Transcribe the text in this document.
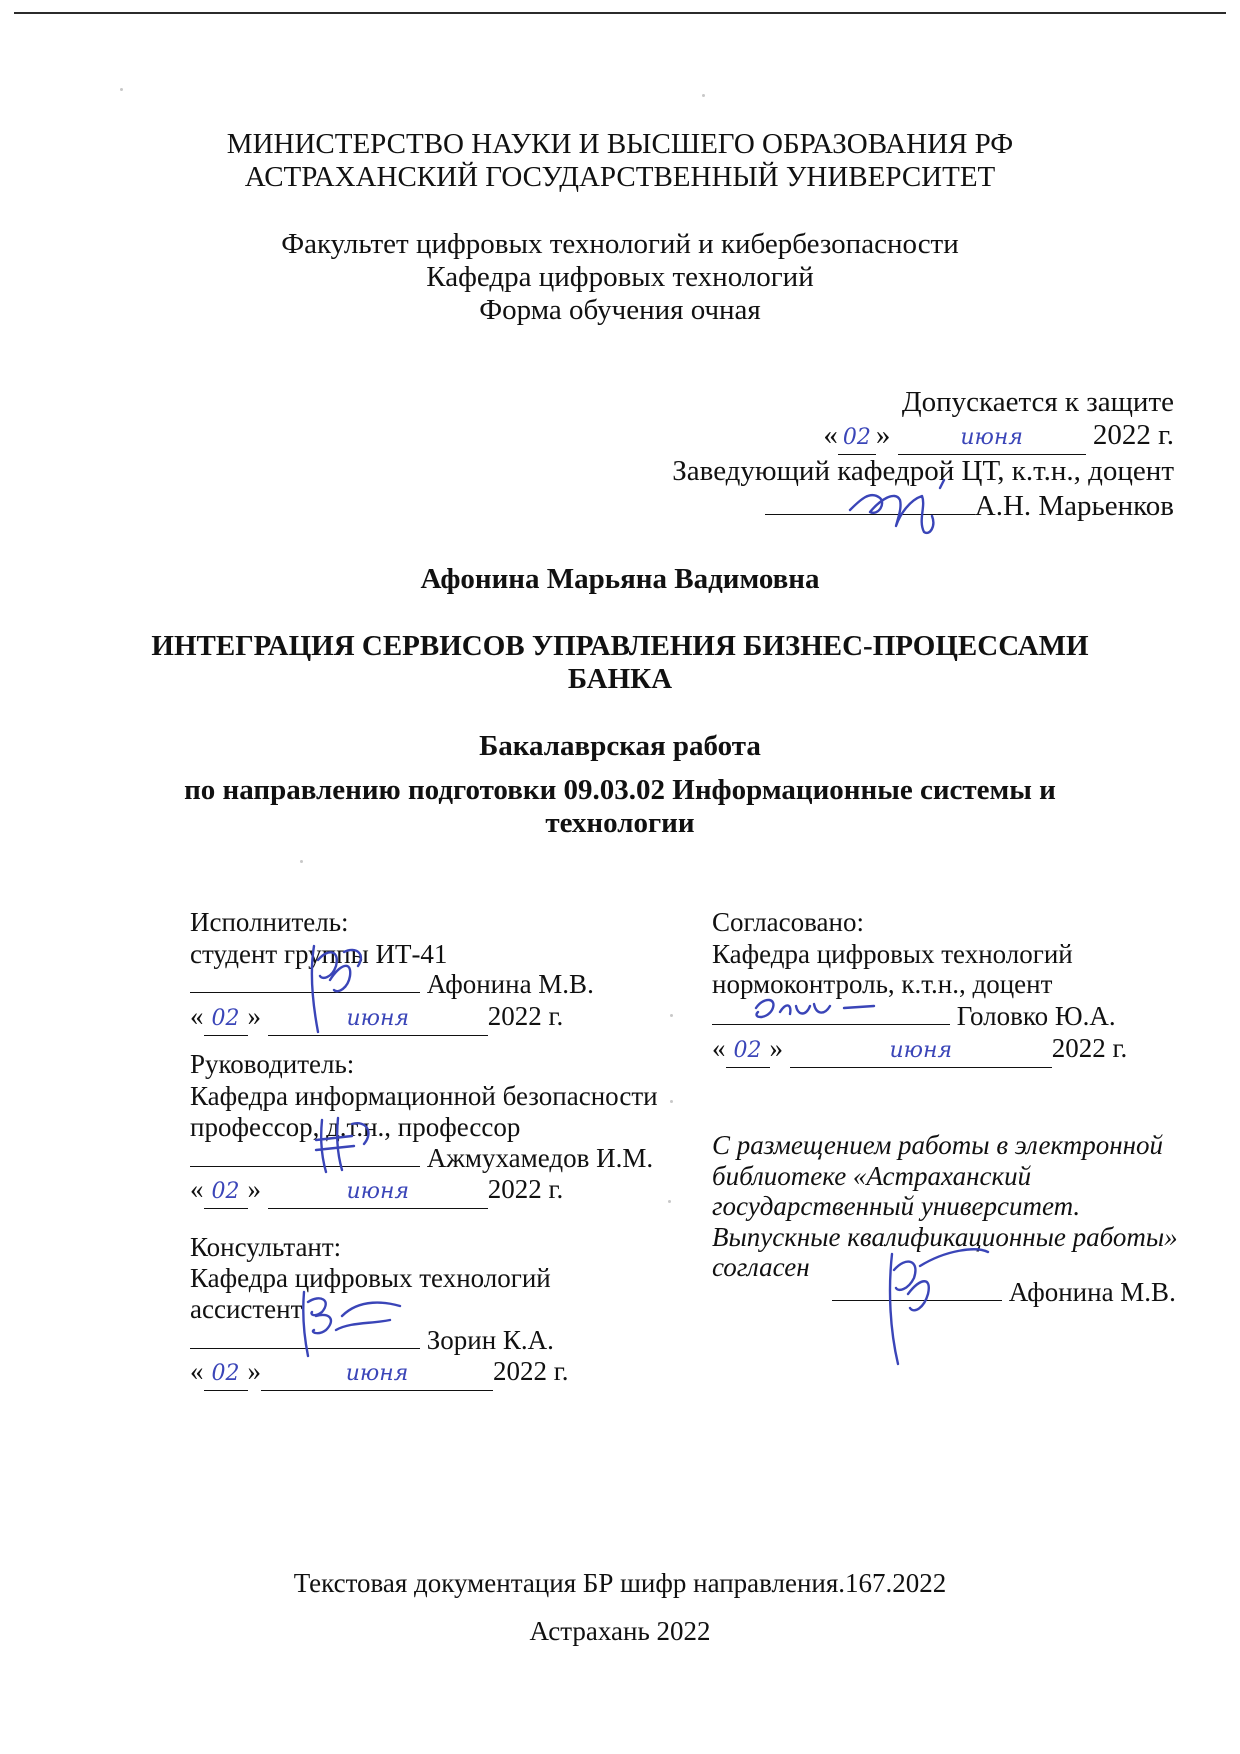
МИНИСТЕРСТВО НАУКИ И ВЫСШЕГО ОБРАЗОВАНИЯ РФ
АСТРАХАНСКИЙ ГОСУДАРСТВЕННЫЙ УНИВЕРСИТЕТ
Факультет цифровых технологий и кибербезопасности
Кафедра цифровых технологий
Форма обучения очная
Допускается к защите
« 02 »	июня 2022 г.
Заведующий кафедрой ЦТ, к.т.н., доцент
А.Н. Марьенков
Афонина Марьяна Вадимовна
ИНТЕГРАЦИЯ СЕРВИСОВ УПРАВЛЕНИЯ БИЗНЕС-ПРОЦЕССАМИ
БАНКА
Бакалаврская работа
по направлению подготовки 09.03.02 Информационные системы и
технологии
Исполнитель:
студент группы ИТ-41
Афонина М.В.
« 02 »	июня	2022 г.
Руководитель:
Кафедра информационной безопасности
профессор, д.т.н., профессор
Ажмухамедов И.М.
« 02 »	июня	2022 г.
Консультант:
Кафедра цифровых технологий
ассистент
Зорин К.А.
« 02 »	июня	2022 г.
Согласовано:
Кафедра цифровых технологий
нормоконтроль, к.т.н., доцент
Головко Ю.А.
« 02 »	июня	2022 г.
С размещением работы в электронной
библиотеке «Астраханский
государственный университет.
Выпускные квалификационные работы»
согласен
Афонина М.В.
Текстовая документация БР шифр направления.167.2022
Астрахань 2022
